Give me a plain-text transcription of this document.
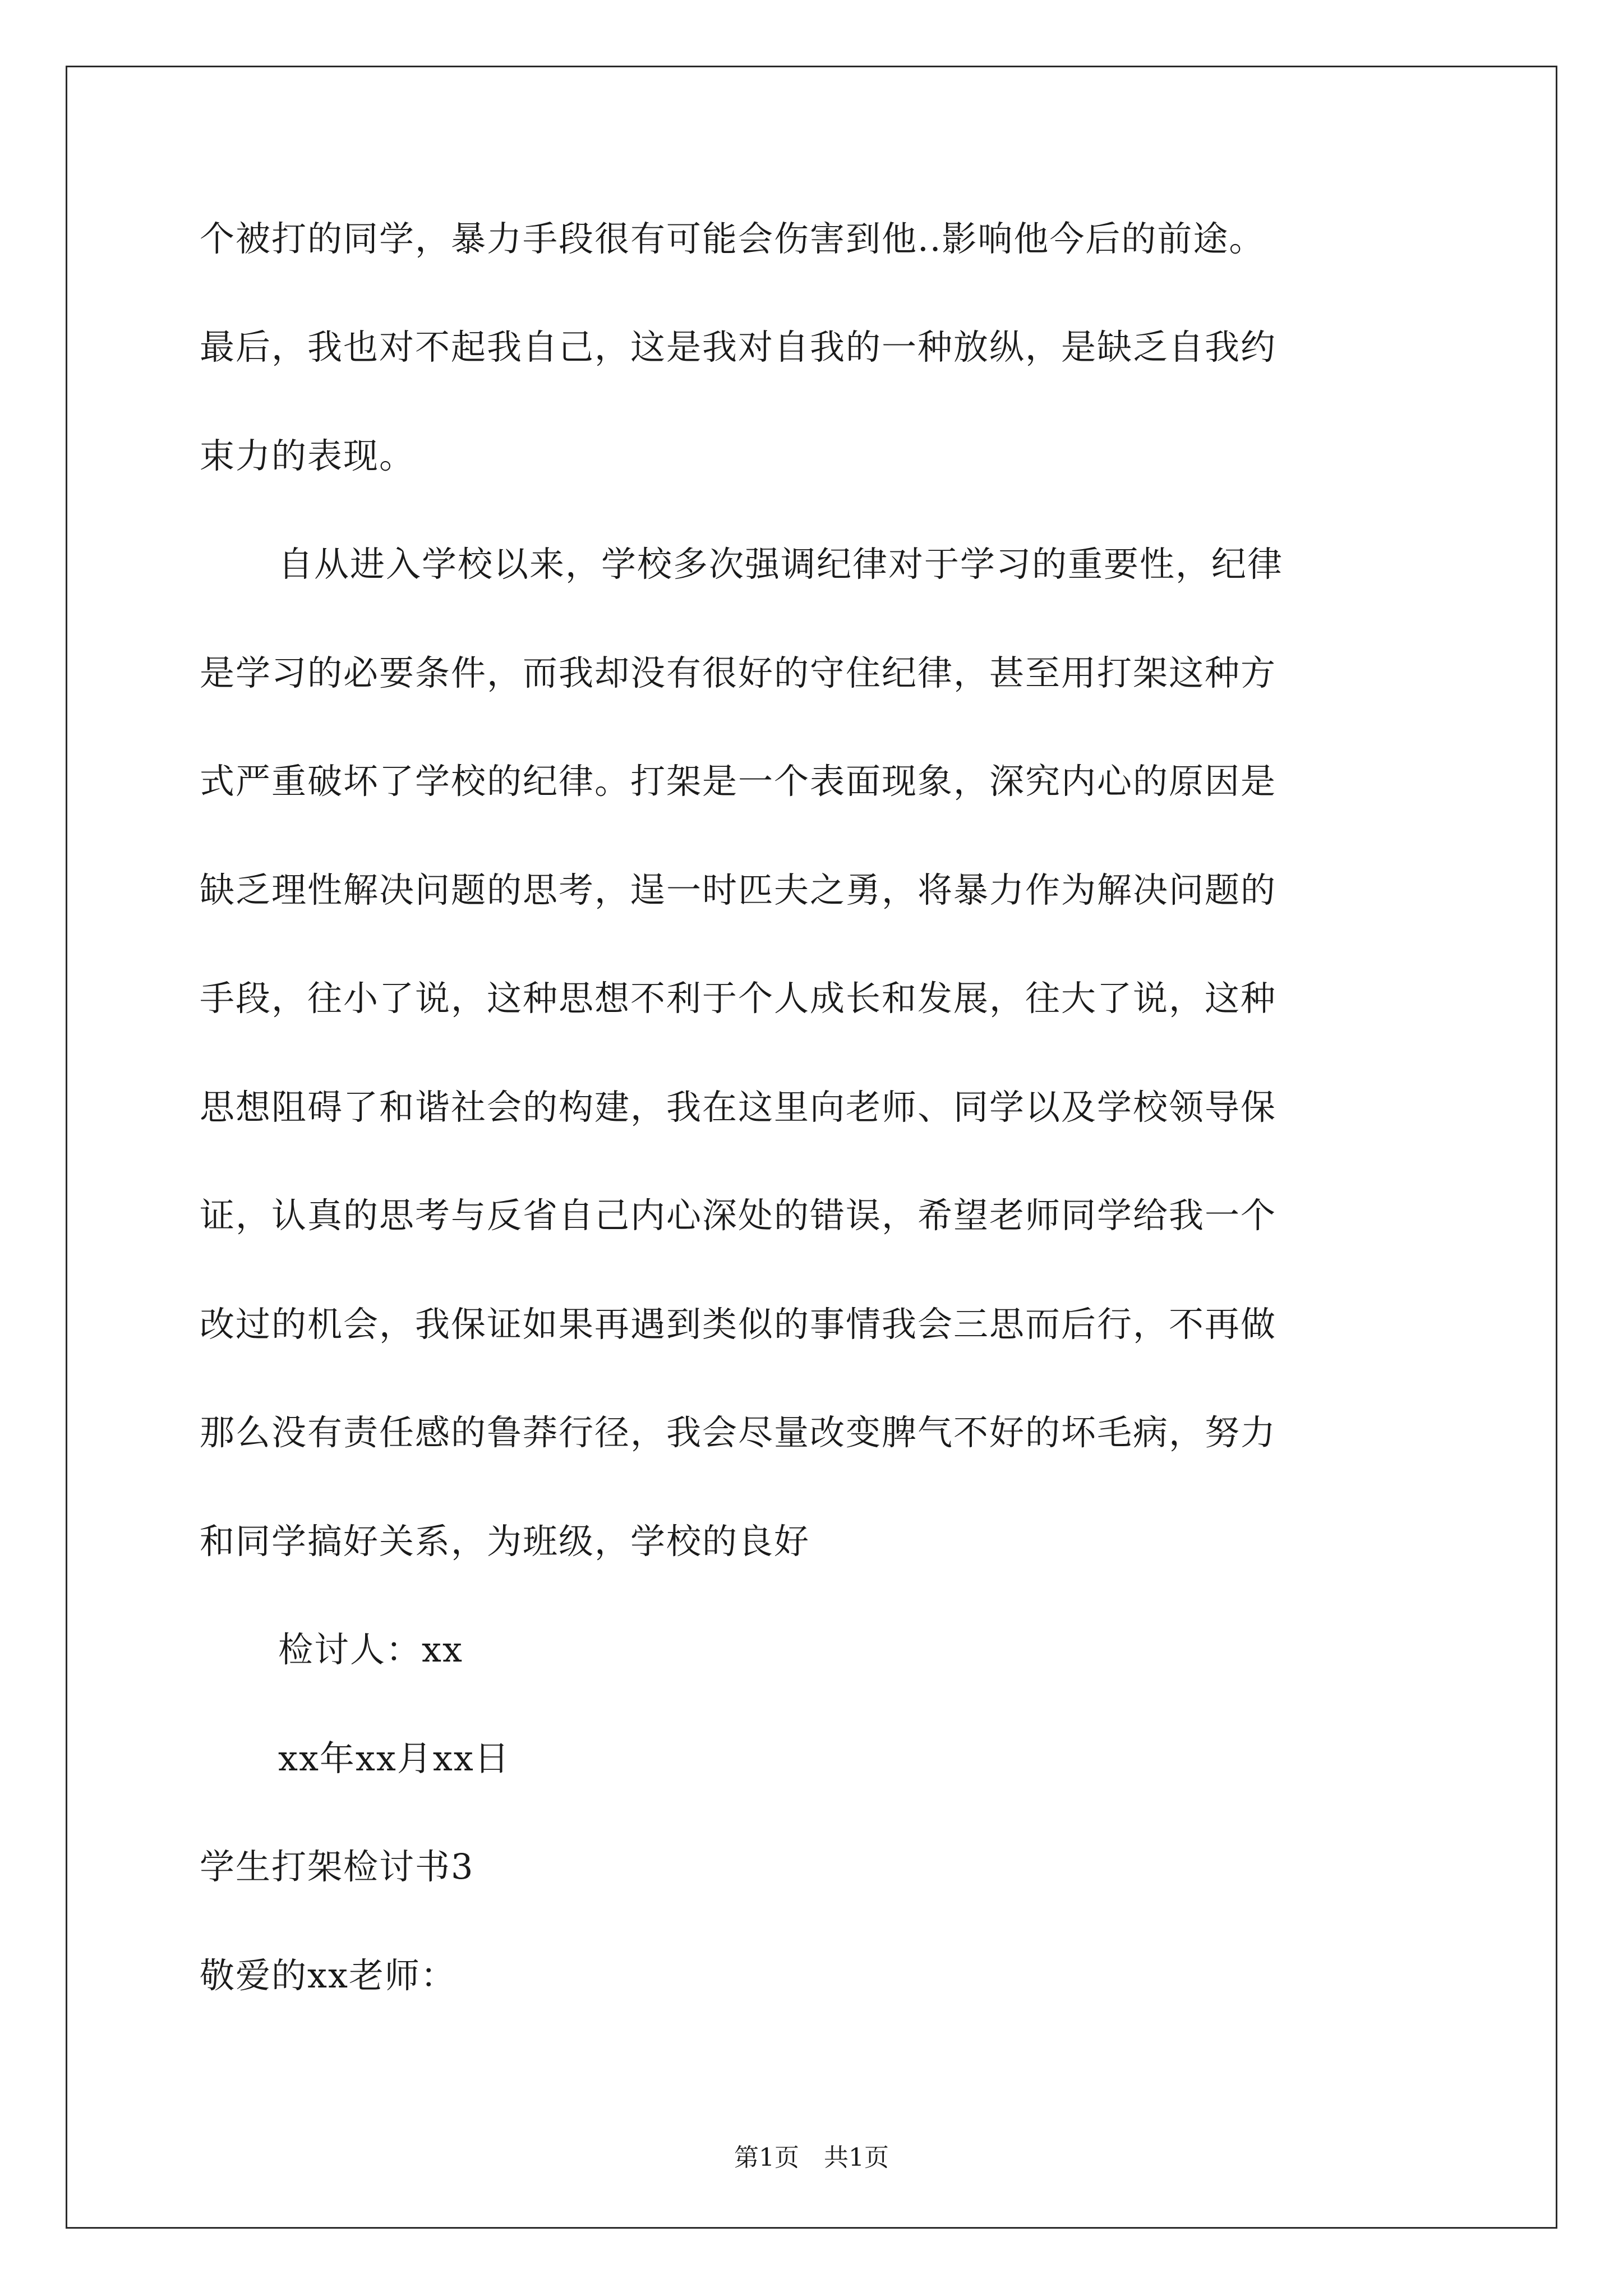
个被打的同学，暴力手段很有可能会伤害到他..影响他今后的前途。
最后，我也对不起我自己，这是我对自我的一种放纵，是缺乏自我约
束力的表现。
自从进入学校以来，学校多次强调纪律对于学习的重要性，纪律
是学习的必要条件，而我却没有很好的守住纪律，甚至用打架这种方
式严重破坏了学校的纪律。打架是一个表面现象，深究内心的原因是
缺乏理性解决问题的思考，逞一时匹夫之勇，将暴力作为解决问题的
手段，往小了说，这种思想不利于个人成长和发展，往大了说，这种
思想阻碍了和谐社会的构建，我在这里向老师、同学以及学校领导保
证，认真的思考与反省自己内心深处的错误，希望老师同学给我一个
改过的机会，我保证如果再遇到类似的事情我会三思而后行，不再做
那么没有责任感的鲁莽行径，我会尽量改变脾气不好的坏毛病，努力
和同学搞好关系，为班级，学校的良好
检讨人：xx
xx年xx月xx日
学生打架检讨书3
敬爱的xx老师：
第1页　共1页
